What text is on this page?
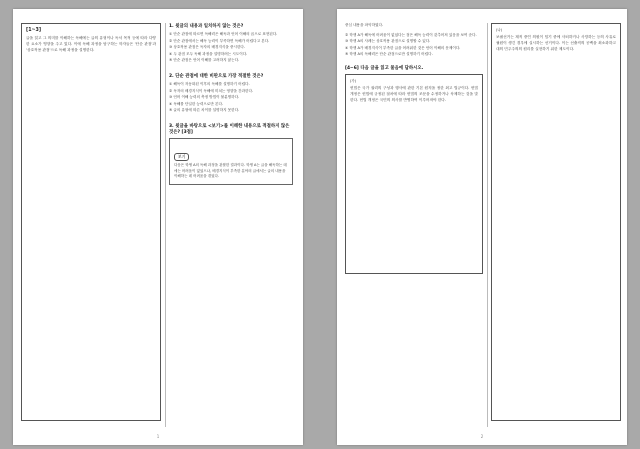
[1~3]

글을 읽고 그 의미를 이해하는 독해에는 글의 유형이나 독서 목적 등에 따라 다양한 요소가 영향을 주고 있다. 이에 독해 과정을 탐구하는 학자들은 '단순 관점'과 '상호작용 관점'으로 독해 과정을 설명한다.

1. 윗글의 내용과 일치하지 않는 것은?

① 단순 관점에 따르면 독해력은 해독과 언어 이해의 곱으로 표현된다.

② 단순 관점에서는 해독 능력이 부족하면 독해가 어렵다고 본다.

③ 상호작용 관점은 독자의 배경지식을 중시한다.

④ 두 관점 모두 독해 과정을 설명하려는 시도이다.

⑤ 단순 관점은 언어 이해를 고려하지 않는다.

2. 단순 관점에 대한 비판으로 가장 적절한 것은?

① 해독이 자동화된 이후의 독해를 설명하기 어렵다.

② 독자의 배경지식이 독해에 미치는 영향을 간과한다.

③ 언어 이해 능력의 측정 방법이 불분명하다.

④ 독해를 단일한 능력으로만 본다.

⑤ 글의 유형에 따른 차이를 설명하지 못한다.

3. 윗글을 바탕으로 <보기>를 이해한 내용으로 적절하지 않은 것은? [3점]

보기

다음은 학생 A의 독해 과정을 관찰한 결과이다. 학생 A는 글을 해독하는 데에는 어려움이 없었으나, 배경지식이 부족한 분야의 글에서는 글의 내용을 이해하는 데 어려움을 겪었다.

1

중심 내용을 파악하였다.

② 학생 A가 해독에 어려움이 없었다는 점은 해독 능력이 갖추어져 있음을 보여 준다.

③ 학생 A의 사례는 상호작용 관점으로 설명할 수 있다.

④ 학생 A가 배경지식이 부족한 글을 어려워한 것은 언어 이해의 문제이다.

⑤ 학생 A의 독해력은 단순 관점으로만 설명하기 어렵다.

[4~6] 다음 글을 읽고 물음에 답하시오.

(가)

헌법은 국가 권력의 구성과 행사에 관한 기본 원칙을 정한 최고 법규이다. 헌법 개정은 헌법에 규정된 절차에 따라 헌법의 조문을 수정하거나 삭제하는 것을 말한다. 헌법 개정은 국민의 의사를 반영하여 이루어져야 한다.

(나)

보궐선거는 재직 중인 의원이 임기 중에 사퇴하거나 사망하는 등의 사유로 궐원이 생긴 경우에 실시하는 선거이다. 이는 선출직의 공백을 최소화하고 대의 민주주의의 원리를 실현하기 위한 제도이다.

2
